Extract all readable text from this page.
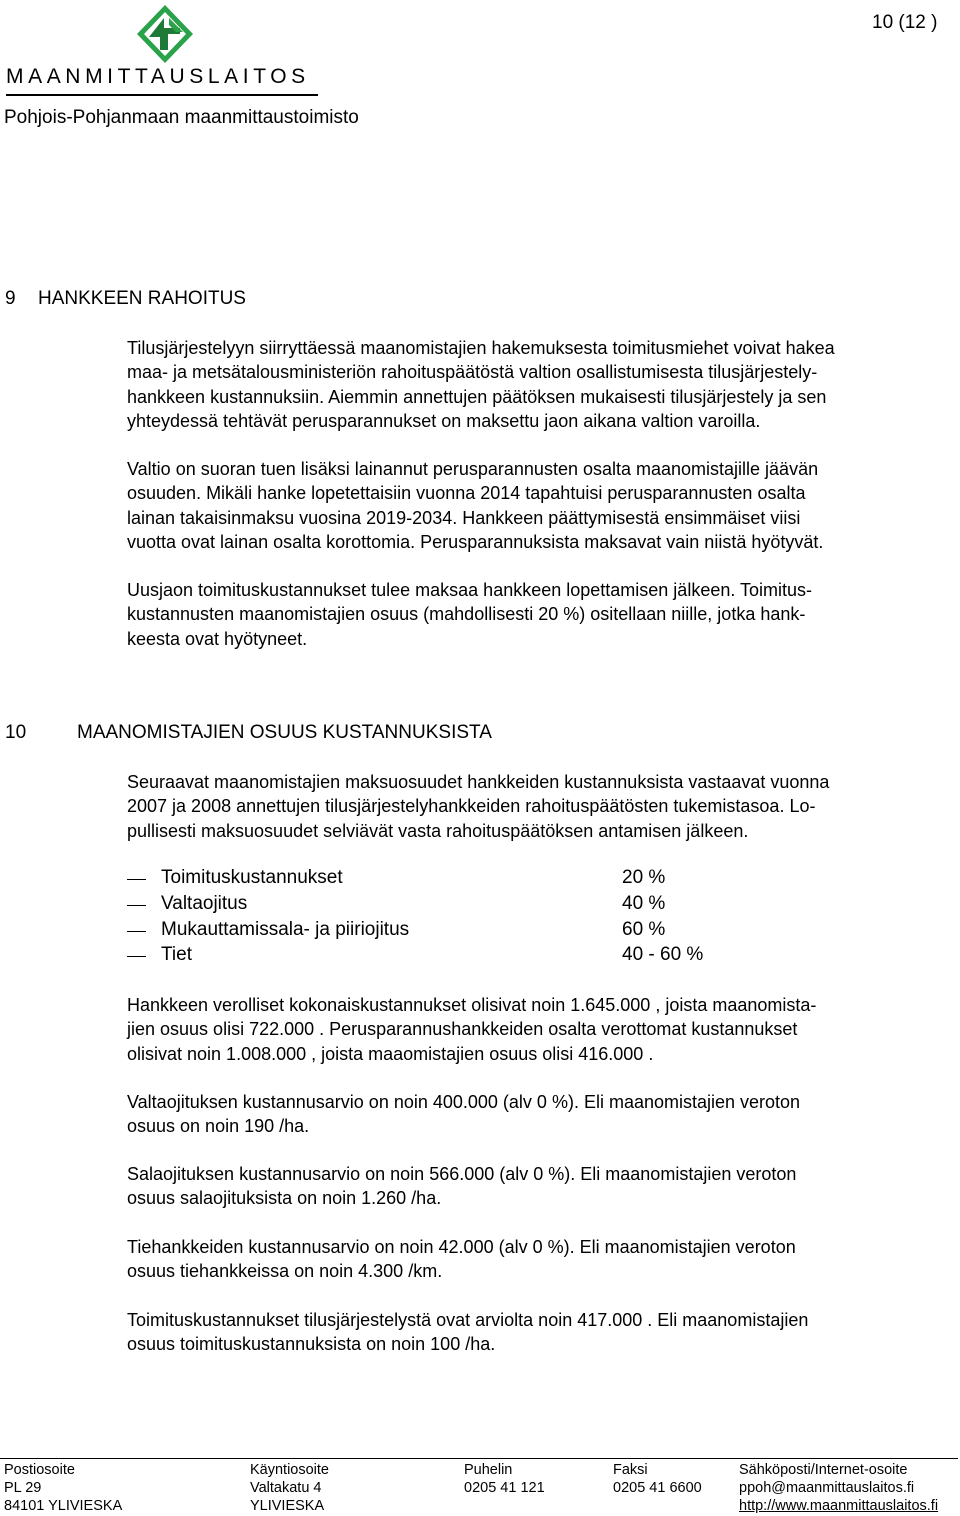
MAANMITTAUSLAITOS
Pohjois-Pohjanmaan maanmittaustoimisto
10 (12 )
9 HANKKEEN RAHOITUS
Tilusjärjestelyyn siirryttäessä maanomistajien hakemuksesta toimitusmiehet voivat hakea
maa- ja metsätalousministeriön rahoituspäätöstä valtion osallistumisesta tilusjärjestely-
hankkeen kustannuksiin. Aiemmin annettujen päätöksen mukaisesti tilusjärjestely ja sen
yhteydessä tehtävät perusparannukset on maksettu jaon aikana valtion varoilla.
Valtio on suoran tuen lisäksi lainannut perusparannusten osalta maanomistajille jäävän
osuuden. Mikäli hanke lopetettaisiin vuonna 2014 tapahtuisi perusparannusten osalta
lainan takaisinmaksu vuosina 2019-2034. Hankkeen päättymisestä ensimmäiset viisi
vuotta ovat lainan osalta korottomia. Perusparannuksista maksavat vain niistä hyötyvät.
Uusjaon toimituskustannukset tulee maksaa hankkeen lopettamisen jälkeen. Toimitus-
kustannusten maanomistajien osuus (mahdollisesti 20 %) ositellaan niille, jotka hank-
keesta ovat hyötyneet.
10	MAANOMISTAJIEN OSUUS KUSTANNUKSISTA
Seuraavat maanomistajien maksuosuudet hankkeiden kustannuksista vastaavat vuonna
2007 ja 2008 annettujen tilusjärjestelyhankkeiden rahoituspäätösten tukemistasoa. Lo-
pullisesti maksuosuudet selviävät vasta rahoituspäätöksen antamisen jälkeen.
Toimituskustannukset	20 %
Valtaojitus	40 %
Mukauttamissala- ja piiriojitus	60 %
Tiet	40 - 60 %
Hankkeen verolliset kokonaiskustannukset olisivat noin 1.645.000 , joista maanomista-
jien osuus olisi 722.000 . Perusparannushankkeiden osalta verottomat kustannukset
olisivat noin 1.008.000 , joista maaomistajien osuus olisi 416.000 .
Valtaojituksen kustannusarvio on noin 400.000 (alv 0 %). Eli maanomistajien veroton
osuus on noin 190 /ha.
Salaojituksen kustannusarvio on noin 566.000 (alv 0 %). Eli maanomistajien veroton
osuus salaojituksista on noin 1.260 /ha.
Tiehankkeiden kustannusarvio on noin 42.000 (alv 0 %). Eli maanomistajien veroton
osuus tiehankkeissa on noin 4.300 /km.
Toimituskustannukset tilusjärjestelystä ovat arviolta noin 417.000 . Eli maanomistajien
osuus toimituskustannuksista on noin 100 /ha.
Postiosoite
PL 29
84101 YLIVIESKA
Käyntiosoite
Valtakatu 4
YLIVIESKA
Puhelin
0205 41 121
Faksi
0205 41 6600
Sähköposti/Internet-osoite
ppoh@maanmittauslaitos.fi
http://www.maanmittauslaitos.fi
